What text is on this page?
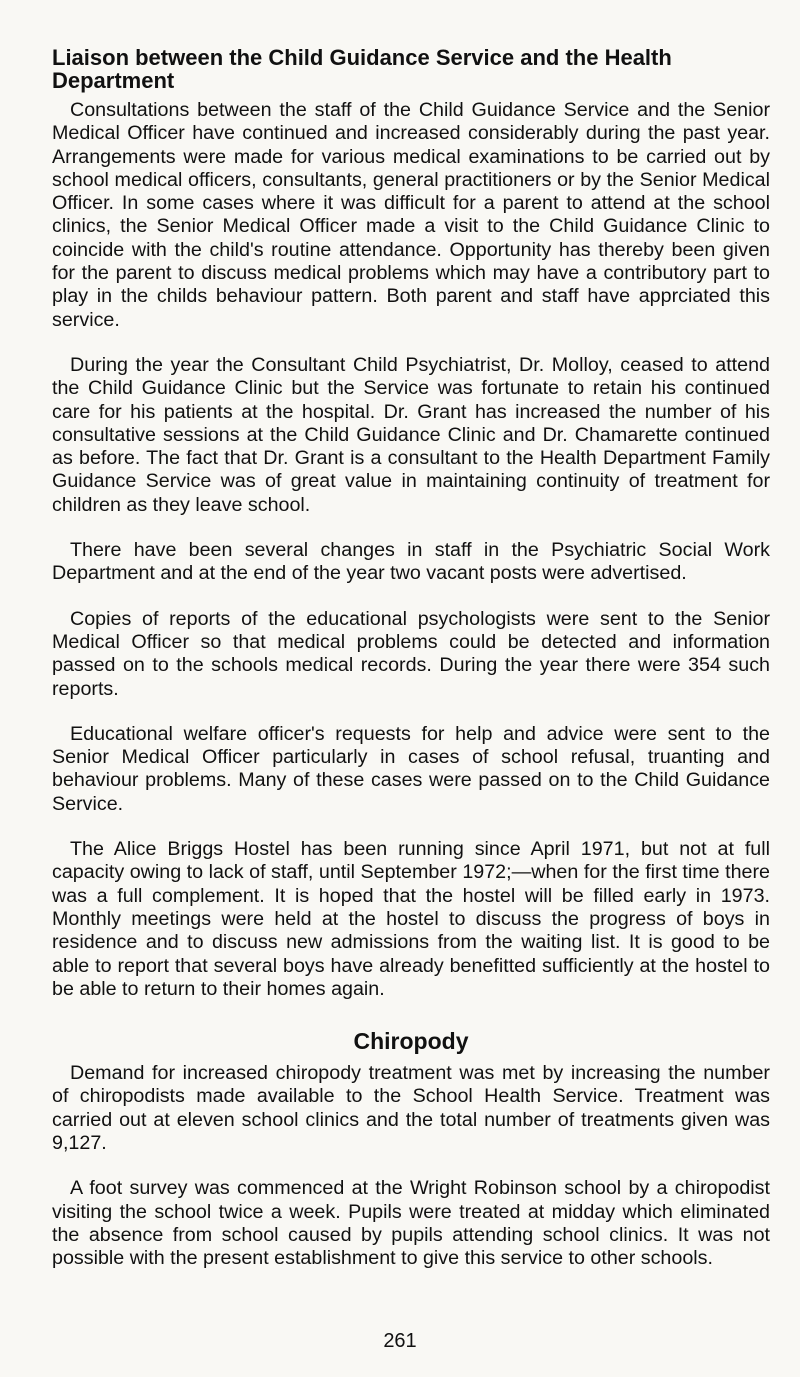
Liaison between the Child Guidance Service and the Health Department

Consultations between the staff of the Child Guidance Service and the Senior Medical Officer have continued and increased considerably during the past year. Arrangements were made for various medical examinations to be carried out by school medical officers, consultants, general practitioners or by the Senior Medical Officer. In some cases where it was difficult for a parent to attend at the school clinics, the Senior Medical Officer made a visit to the Child Guidance Clinic to coincide with the child's routine attendance. Opportunity has thereby been given for the parent to discuss medical problems which may have a contributory part to play in the childs behaviour pattern. Both parent and staff have apprciated this service.

During the year the Consultant Child Psychiatrist, Dr. Molloy, ceased to attend the Child Guidance Clinic but the Service was fortunate to retain his continued care for his patients at the hospital. Dr. Grant has increased the number of his consultative sessions at the Child Guidance Clinic and Dr. Chamarette continued as before. The fact that Dr. Grant is a consultant to the Health Department Family Guidance Service was of great value in maintaining continuity of treatment for children as they leave school.

There have been several changes in staff in the Psychiatric Social Work Department and at the end of the year two vacant posts were advertised.

Copies of reports of the educational psychologists were sent to the Senior Medical Officer so that medical problems could be detected and information passed on to the schools medical records. During the year there were 354 such reports.

Educational welfare officer's requests for help and advice were sent to the Senior Medical Officer particularly in cases of school refusal, truanting and behaviour problems. Many of these cases were passed on to the Child Guidance Service.

The Alice Briggs Hostel has been running since April 1971, but not at full capacity owing to lack of staff, until September 1972;—when for the first time there was a full complement. It is hoped that the hostel will be filled early in 1973. Monthly meetings were held at the hostel to discuss the progress of boys in residence and to discuss new admissions from the waiting list. It is good to be able to report that several boys have already benefitted sufficiently at the hostel to be able to return to their homes again.

Chiropody

Demand for increased chiropody treatment was met by increasing the number of chiropodists made available to the School Health Service. Treatment was carried out at eleven school clinics and the total number of treatments given was 9,127.

A foot survey was commenced at the Wright Robinson school by a chiropodist visiting the school twice a week. Pupils were treated at midday which eliminated the absence from school caused by pupils attending school clinics. It was not possible with the present establishment to give this service to other schools.

261
